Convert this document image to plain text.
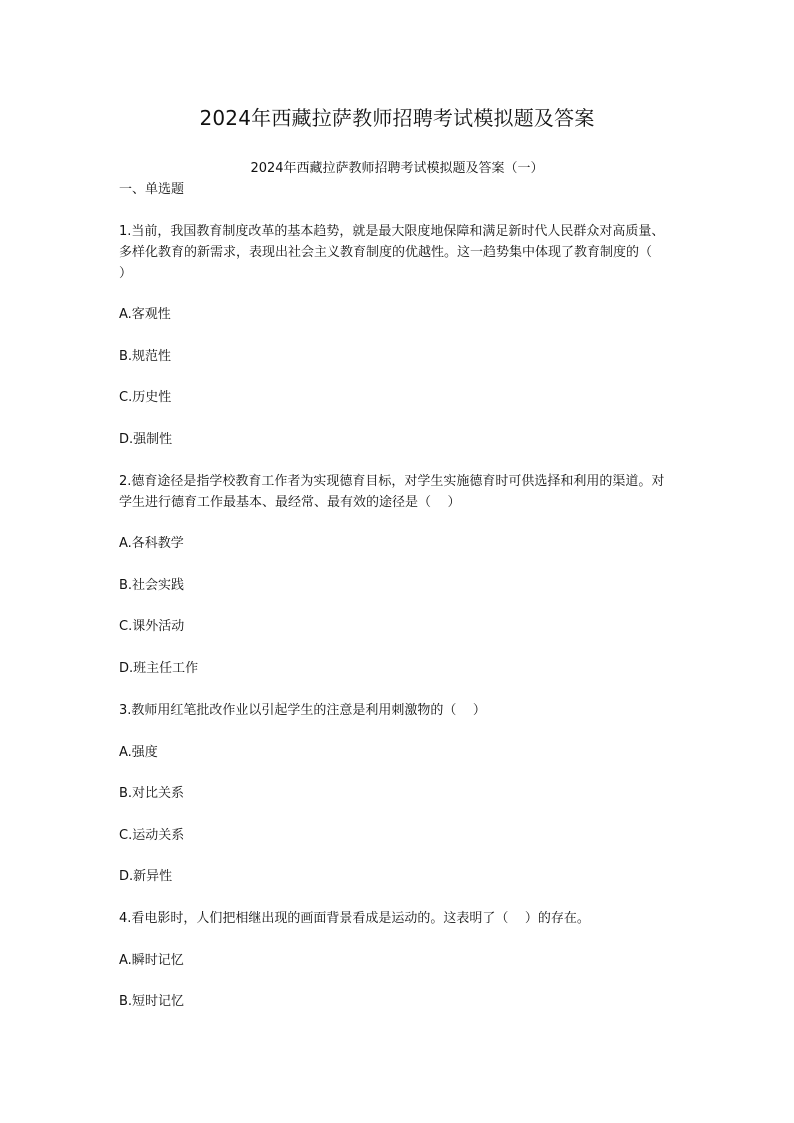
2024年西藏拉萨教师招聘考试模拟题及答案
2024年西藏拉萨教师招聘考试模拟题及答案（一）
一、单选题
1.当前，我国教育制度改革的基本趋势，就是最大限度地保障和满足新时代人民群众对高质量、多样化教育的新需求，表现出社会主义教育制度的优越性。这一趋势集中体现了教育制度的（    ）
A.客观性
B.规范性
C.历史性
D.强制性
2.德育途径是指学校教育工作者为实现德育目标，对学生实施德育时可供选择和利用的渠道。对学生进行德育工作最基本、最经常、最有效的途径是（    ）
A.各科教学
B.社会实践
C.课外活动
D.班主任工作
3.教师用红笔批改作业以引起学生的注意是利用刺激物的（    ）
A.强度
B.对比关系
C.运动关系
D.新异性
4.看电影时，人们把相继出现的画面背景看成是运动的。这表明了（    ）的存在。
A.瞬时记忆
B.短时记忆
